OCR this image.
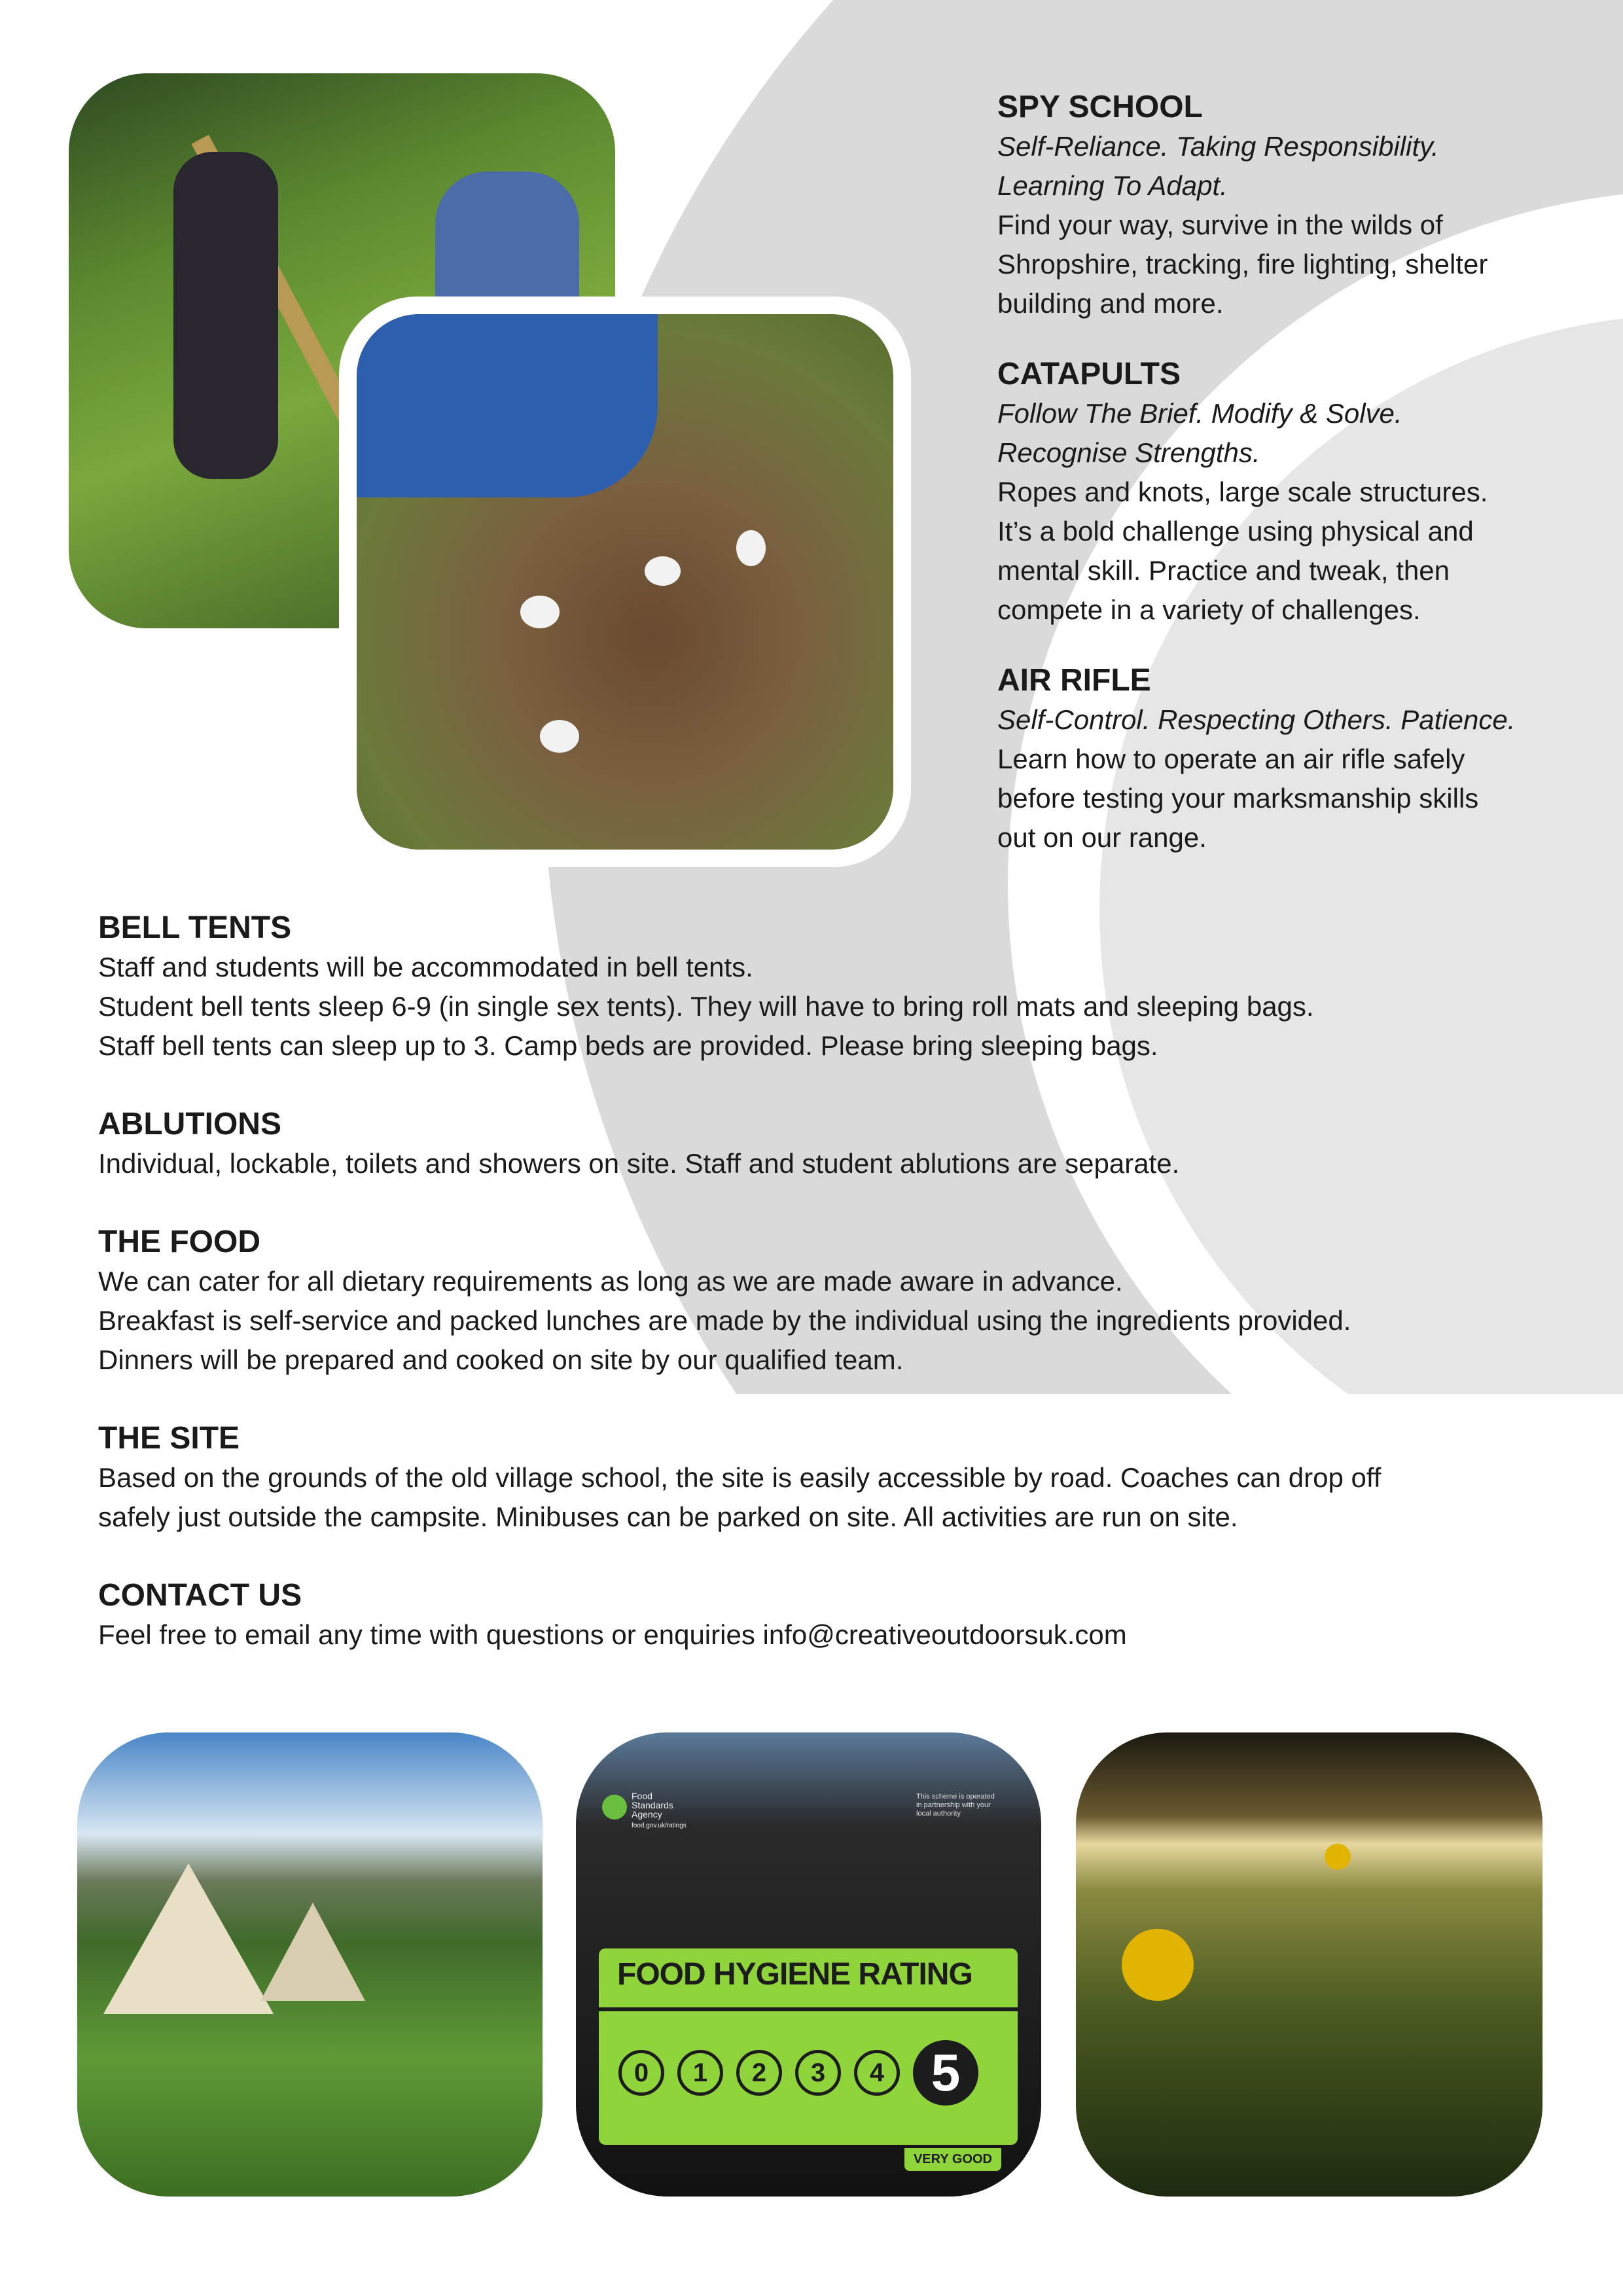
SPY SCHOOL

Self-Reliance. Taking Responsibility.

Learning To Adapt.

Find your way, survive in the wilds of

Shropshire, tracking, fire lighting, shelter

building and more.

CATAPULTS

Follow The Brief. Modify & Solve.

Recognise Strengths.

Ropes and knots, large scale structures.

It’s a bold challenge using physical and

mental skill. Practice and tweak, then

compete in a variety of challenges.

AIR RIFLE

Self-Control. Respecting Others. Patience.

Learn how to operate an air rifle safely

before testing your marksmanship skills

out on our range.

BELL TENTS

Staff and students will be accommodated in bell tents.

Student bell tents sleep 6-9 (in single sex tents). They will have to bring roll mats and sleeping bags.

Staff bell tents can sleep up to 3. Camp beds are provided. Please bring sleeping bags.

ABLUTIONS

Individual, lockable, toilets and showers on site. Staff and student ablutions are separate.

THE FOOD

We can cater for all dietary requirements as long as we are made aware in advance.

Breakfast is self-service and packed lunches are made by the individual using the ingredients provided.

Dinners will be prepared and cooked on site by our qualified team.

THE SITE

Based on the grounds of the old village school, the site is easily accessible by road. Coaches can drop off

safely just outside the campsite. Minibuses can be parked on site. All activities are run on site.

CONTACT US

Feel free to email any time with questions or enquiries info@creativeoutdoorsuk.com

Food
Standards
Agency
food.gov.uk/ratings
This scheme is operated
in partnership with your
local authority
FOOD HYGIENE RATING
0	1	2	3	4 5
VERY GOOD
